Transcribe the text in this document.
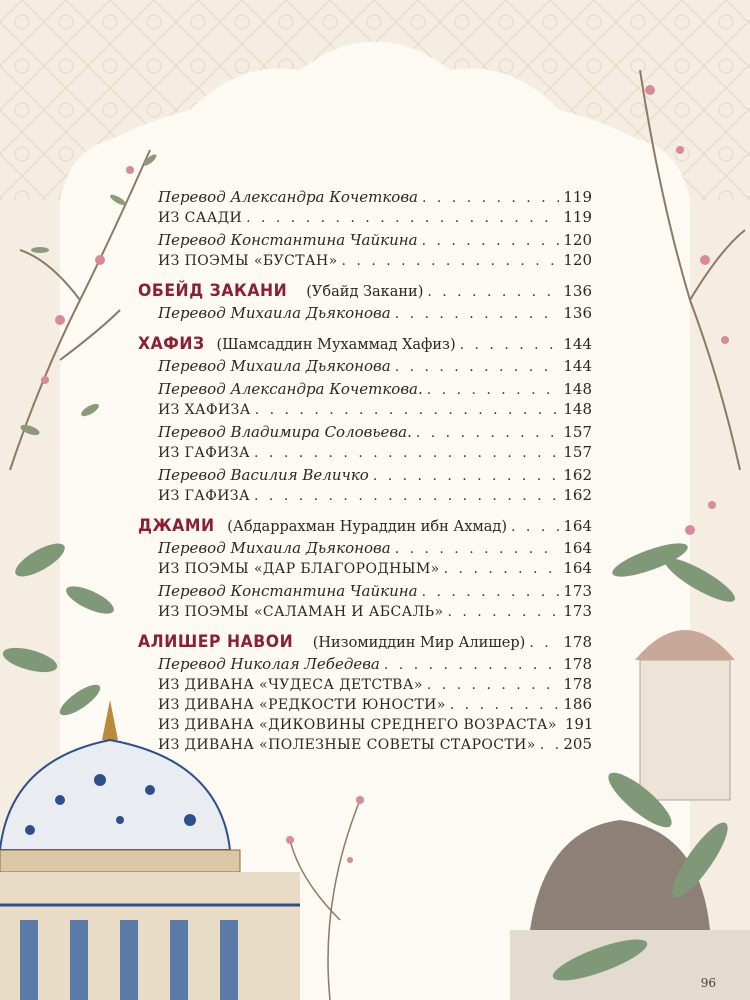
Перевод Александра Кочеткова . . .	119
ИЗ СААДИ . . .	119
Перевод Константина Чайкина . . .	120
ИЗ ПОЭМЫ «БУСТАН» . . .	120
ОБЕЙД ЗАКАНИ (Убайд Закани) . . .	136
Перевод Михаила Дьяконова . . .	136
ХАФИЗ (Шамсаддин Мухаммад Хафиз) . . .	144
Перевод Михаила Дьяконова . . .	144
Перевод Александра Кочеткова. . . .	148
ИЗ ХАФИЗА . . .	148
Перевод Владимира Соловьева. . . .	157
ИЗ ГАФИЗА . . .	157
Перевод Василия Величко . . .	162
ИЗ ГАФИЗА . . .	162
ДЖАМИ (Абдаррахман Нураддин ибн Ахмад) . . .	164
Перевод Михаила Дьяконова . . .	164
ИЗ ПОЭМЫ «ДАР БЛАГОРОДНЫМ» . . .	164
Перевод Константина Чайкина . . .	173
ИЗ ПОЭМЫ «САЛАМАН И АБСАЛЬ» . . .	173
АЛИШЕР НАВОИ (Низомиддин Мир Алишер) . . .	178
Перевод Николая Лебедева . . .	178
ИЗ ДИВАНА «ЧУДЕСА ДЕТСТВА» . . .	178
ИЗ ДИВАНА «РЕДКОСТИ ЮНОСТИ» . . .	186
ИЗ ДИВАНА «ДИКОВИНЫ СРЕДНЕГО ВОЗРАСТА» 191
ИЗ ДИВАНА «ПОЛЕЗНЫЕ СОВЕТЫ СТАРОСТИ» . . . 205
96
